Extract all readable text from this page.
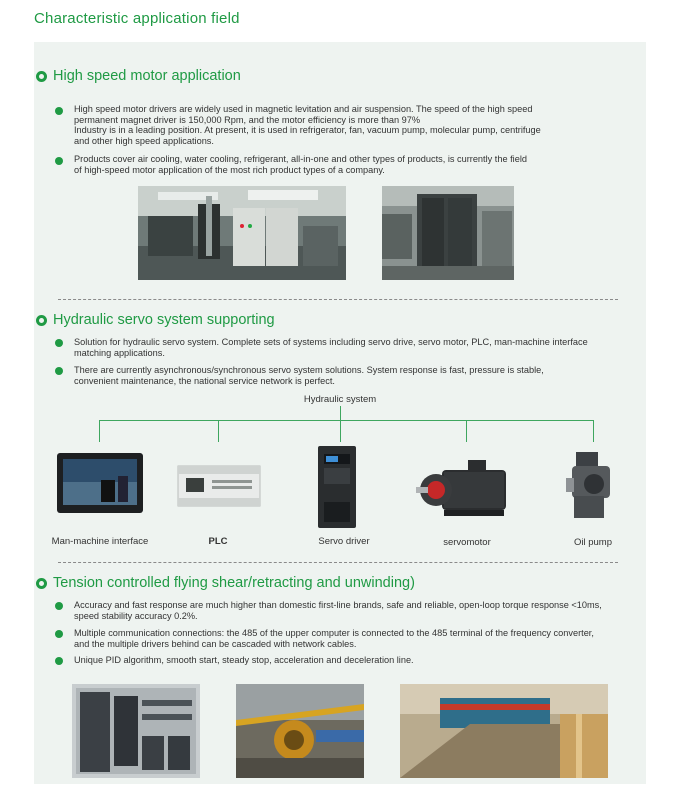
Characteristic application field
High speed motor application
High speed motor drivers are widely used in magnetic levitation and air suspension. The speed of the high speed
permanent magnet driver is 150,000 Rpm, and the motor efficiency is more than 97%
Industry is in a leading position. At present, it is used in refrigerator, fan, vacuum pump, molecular pump, centrifuge
and other high speed applications.
Products cover air cooling, water cooling, refrigerant, all-in-one and other types of products, is currently the field
of high-speed motor application of the most rich product types of a company.
Hydraulic servo system supporting
Solution for hydraulic servo system. Complete sets of systems including servo drive, servo motor, PLC, man-machine interface
matching applications.
There are currently asynchronous/synchronous servo system solutions. System response is fast, pressure is stable,
convenient maintenance, the national service network is perfect.
Hydraulic system
Man-machine interface	PLC	Servo driver	servomotor	Oil pump
Tension controlled flying shear/retracting and unwinding)
Accuracy and fast response are much higher than domestic first-line brands, safe and reliable, open-loop torque response <10ms,
speed stability accuracy 0.2%.
Multiple communication connections: the 485 of the upper computer is connected to the 485 terminal of the frequency converter,
and the multiple drivers behind can be cascaded with network cables.
Unique PID algorithm, smooth start, steady stop, acceleration and deceleration line.
